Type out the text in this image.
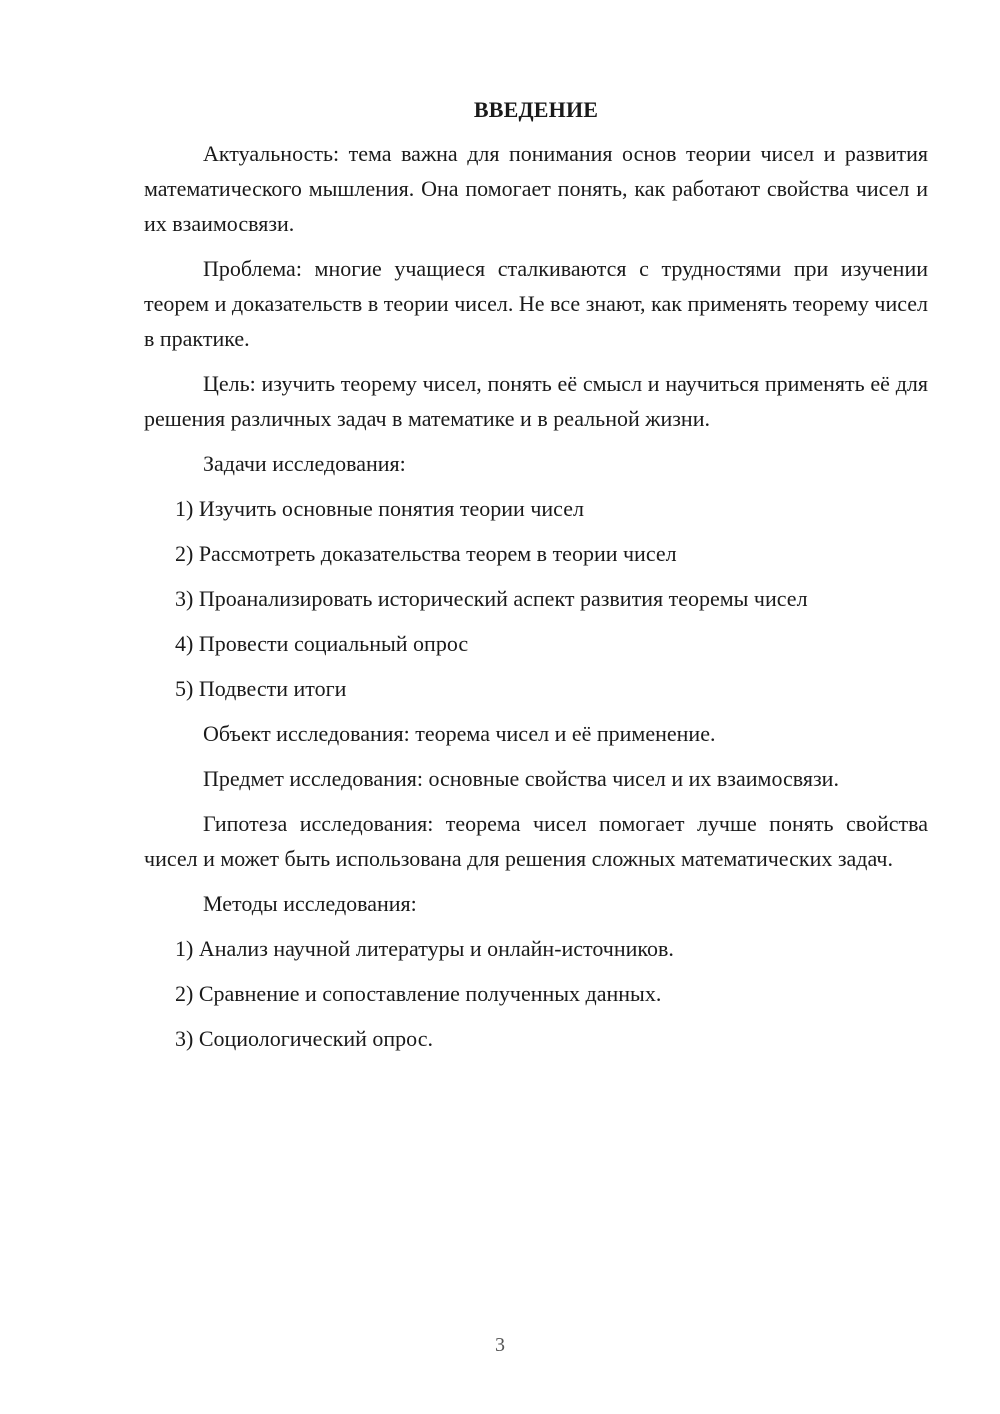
ВВЕДЕНИЕ
Актуальность: тема важна для понимания основ теории чисел и развития математического мышления. Она помогает понять, как работают свойства чисел и их взаимосвязи.
Проблема: многие учащиеся сталкиваются с трудностями при изучении теорем и доказательств в теории чисел. Не все знают, как применять теорему чисел в практике.
Цель: изучить теорему чисел, понять её смысл и научиться применять её для решения различных задач в математике и в реальной жизни.
Задачи исследования:
1) Изучить основные понятия теории чисел
2) Рассмотреть доказательства теорем в теории чисел
3) Проанализировать исторический аспект развития теоремы чисел
4) Провести социальный опрос
5) Подвести итоги
Объект исследования: теорема чисел и её применение.
Предмет исследования: основные свойства чисел и их взаимосвязи.
Гипотеза исследования: теорема чисел помогает лучше понять свойства чисел и может быть использована для решения сложных математических задач.
Методы исследования:
1) Анализ научной литературы и онлайн-источников.
2) Сравнение и сопоставление полученных данных.
3) Социологический опрос.
3
